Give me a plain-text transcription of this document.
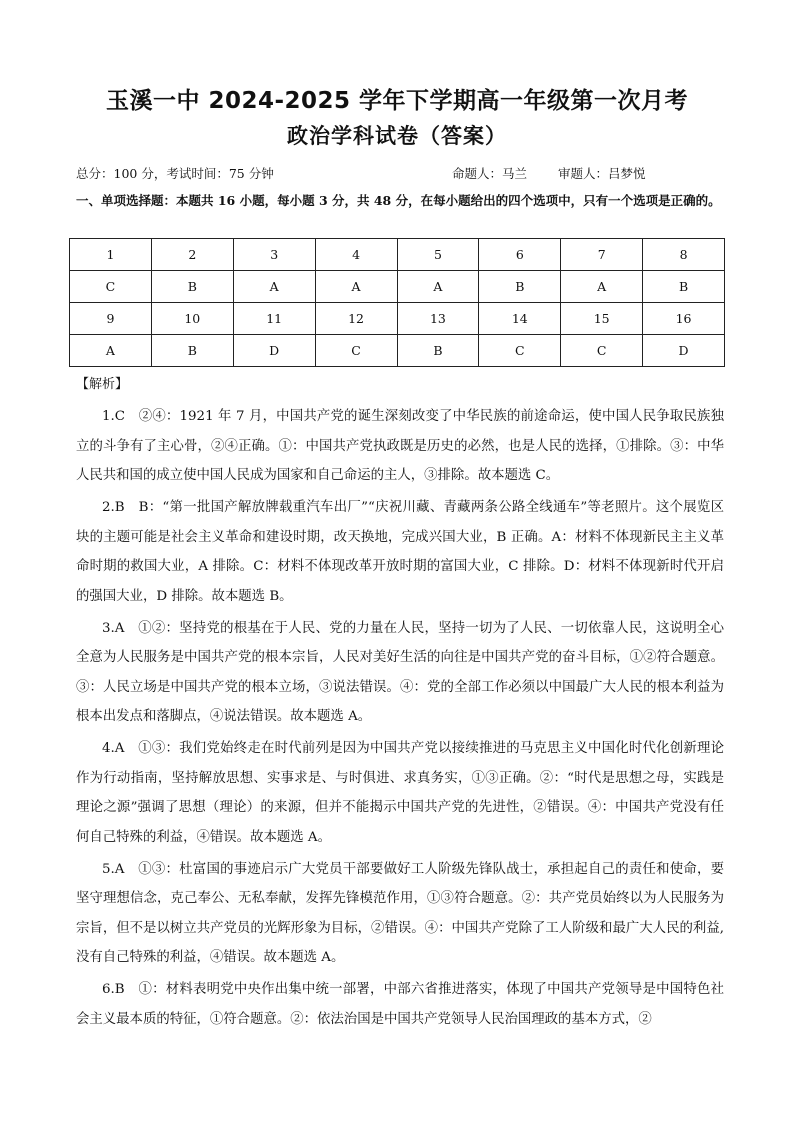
玉溪一中 2024-2025 学年下学期高一年级第一次月考
政治学科试卷（答案）
总分：100 分，考试时间：75 分钟	命题人：马兰 审题人：吕梦悦
一、单项选择题：本题共 16 小题，每小题 3 分，共 48 分，在每小题给出的四个选项中，只有一个选项是正确的。
1	2	3	4	5	6	7	8
C	B	A	A	A	B	A	B
9	10	11	12	13	14	15	16
A	B	D	C	B	C	C	D
【解析】

1.C　②④：1921 年 7 月，中国共产党的诞生深刻改变了中华民族的前途命运，使中国人民争取民族独立的斗争有了主心骨，②④正确。①：中国共产党执政既是历史的必然，也是人民的选择，①排除。③：中华人民共和国的成立使中国人民成为国家和自己命运的主人，③排除。故本题选 C。

2.B　B：“第一批国产解放牌载重汽车出厂”“庆祝川藏、青藏两条公路全线通车”等老照片。这个展览区块的主题可能是社会主义革命和建设时期，改天换地，完成兴国大业，B 正确。A：材料不体现新民主主义革命时期的救国大业，A 排除。C：材料不体现改革开放时期的富国大业，C 排除。D：材料不体现新时代开启的强国大业，D 排除。故本题选 B。

3.A　①②：坚持党的根基在于人民、党的力量在人民，坚持一切为了人民、一切依靠人民，这说明全心全意为人民服务是中国共产党的根本宗旨，人民对美好生活的向往是中国共产党的奋斗目标，①②符合题意。③：人民立场是中国共产党的根本立场，③说法错误。④：党的全部工作必须以中国最广大人民的根本利益为根本出发点和落脚点，④说法错误。故本题选 A。

4.A　①③：我们党始终走在时代前列是因为中国共产党以接续推进的马克思主义中国化时代化创新理论作为行动指南，坚持解放思想、实事求是、与时俱进、求真务实，①③正确。②：“时代是思想之母，实践是理论之源”强调了思想（理论）的来源，但并不能揭示中国共产党的先进性，②错误。④：中国共产党没有任何自己特殊的利益，④错误。故本题选 A。

5.A　①③：杜富国的事迹启示广大党员干部要做好工人阶级先锋队战士，承担起自己的责任和使命，要坚守理想信念，克己奉公、无私奉献，发挥先锋模范作用，①③符合题意。②：共产党员始终以为人民服务为宗旨，但不是以树立共产党员的光辉形象为目标，②错误。④：中国共产党除了工人阶级和最广大人民的利益,没有自己特殊的利益，④错误。故本题选 A。

6.B　①：材料表明党中央作出集中统一部署，中部六省推进落实，体现了中国共产党领导是中国特色社会主义最本质的特征，①符合题意。②：依法治国是中国共产党领导人民治国理政的基本方式，②
